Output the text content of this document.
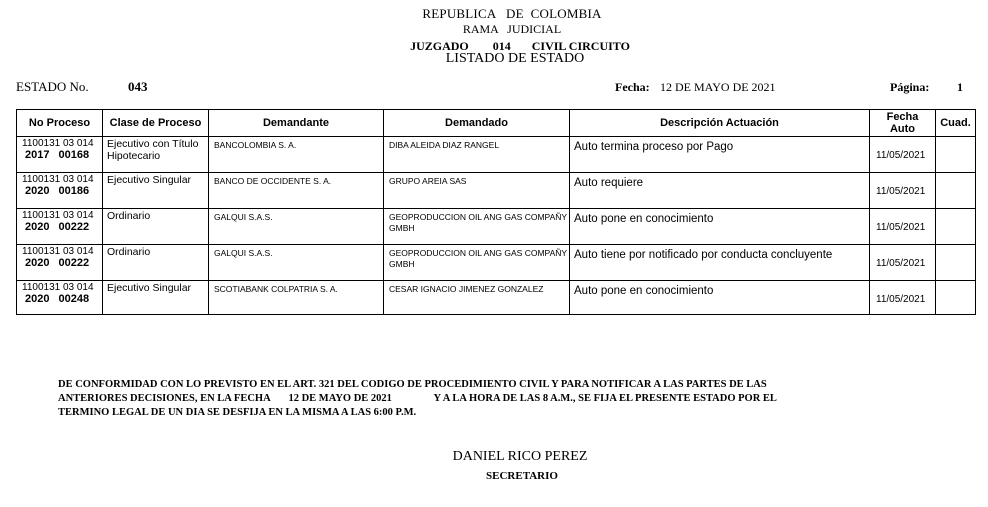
REPUBLICA   DE  COLOMBIA
RAMA   JUDICIAL
JUZGADO        014       CIVIL CIRCUITO
LISTADO DE ESTADO
ESTADO No.	043	Fecha: 12 DE MAYO DE 2021	Página: 1
No Proceso	Clase de Proceso	Demandante	Demandado	Descripción Actuación	Fecha Auto	Cuad.

1100131 03 014
2017 00168	Ejecutivo con Título Hipotecario	BANCOLOMBIA S. A.	DIBA ALEIDA DIAZ RANGEL	Auto termina proceso por Pago	11/05/2021	

1100131 03 014
2020 00186	Ejecutivo Singular	BANCO DE OCCIDENTE S. A.	GRUPO AREIA SAS	Auto requiere	11/05/2021	

1100131 03 014
2020 00222	Ordinario	GALQUI S.A.S.	GEOPRODUCCION OIL ANG GAS COMPAÑY GMBH	Auto pone en conocimiento	11/05/2021	

1100131 03 014
2020 00222	Ordinario	GALQUI S.A.S.	GEOPRODUCCION OIL ANG GAS COMPAÑY GMBH	Auto tiene por notificado por conducta concluyente	11/05/2021	

1100131 03 014
2020 00248	Ejecutivo Singular	SCOTIABANK COLPATRIA S. A.	CESAR IGNACIO JIMENEZ GONZALEZ	Auto pone en conocimiento	11/05/2021	

DE CONFORMIDAD CON LO PREVISTO EN EL ART. 321 DEL CODIGO DE PROCEDIMIENTO CIVIL Y PARA NOTIFICAR A LAS PARTES DE LAS
ANTERIORES DECISIONES, EN LA FECHA       12 DE MAYO DE 2021                Y A LA HORA DE LAS 8 A.M., SE FIJA EL PRESENTE ESTADO POR EL
TERMINO LEGAL DE UN DIA SE DESFIJA EN LA MISMA A LAS 6:00 P.M.
DANIEL RICO PEREZ
SECRETARIO
